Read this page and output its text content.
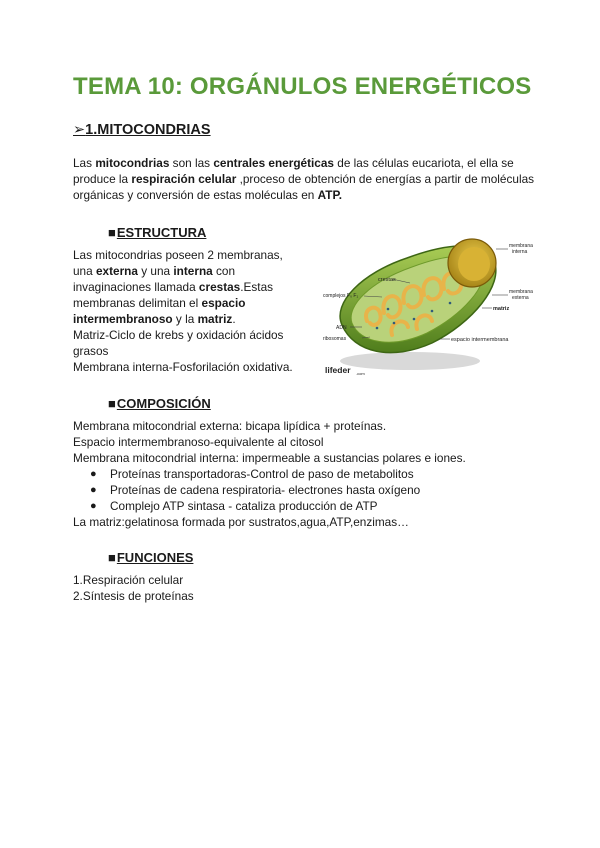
TEMA 10: ORGÁNULOS ENERGÉTICOS
➢1.MITOCONDRIAS

Las mitocondrias son las centrales energéticas de las células eucariota, el ella se produce la respiración celular ,proceso de obtención de energías a partir de moléculas orgánicas y conversión de estas moléculas en ATP.

■ESTRUCTURA

Las mitocondrias poseen 2 membranas, una externa y una interna con invaginaciones llamada crestas.Estas membranas delimitan el espacio intermembranoso y la matriz.

Matriz-Ciclo de krebs y oxidación ácidos grasos

Membrana interna-Fosforilación oxidativa.

membrana
interna
crestas
complejos F₀ F₁
membrana
externa
matriz
ADN
ribosomas	espacio intermembrana
lifeder .com
■COMPOSICIÓN

Membrana mitocondrial externa: bicapa lipídica + proteínas.

Espacio intermembranoso-equivalente al citosol

Membrana mitocondrial interna: impermeable a sustancias polares e iones.

● Proteínas transportadoras-Control de paso de metabolitos
● Proteínas de cadena respiratoria- electrones hasta oxígeno
● Complejo ATP sintasa - cataliza producción de ATP

La matriz:gelatinosa formada por sustratos,agua,ATP,enzimas…

■FUNCIONES

1.Respiración celular

2.Síntesis de proteínas
